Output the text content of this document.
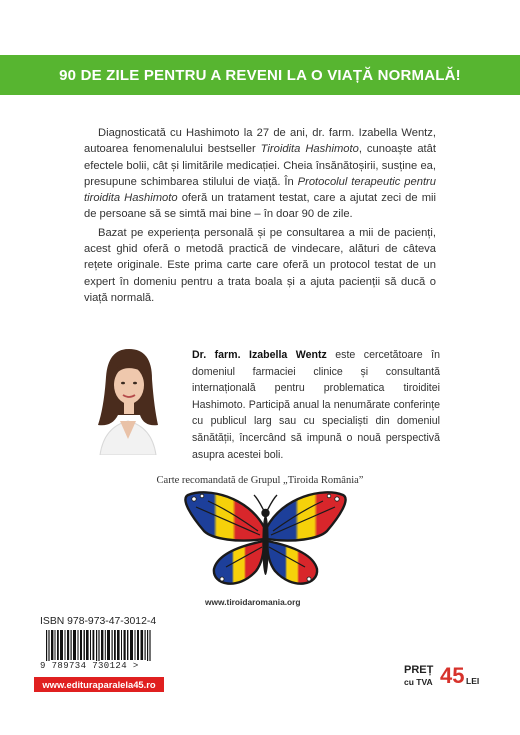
90 DE ZILE PENTRU A REVENI LA O VIAȚĂ NORMALĂ!

Diagnosticată cu Hashimoto la 27 de ani, dr. farm. Izabella Wentz, autoarea fenomenalului bestseller Tiroidita Hashimoto, cunoaște atât efectele bolii, cât și limitările medicației. Cheia însănătoșirii, susține ea, presupune schimbarea stilului de viață. În Protocolul terapeutic pentru tiroidita Hashimoto oferă un tratament testat, care a ajutat zeci de mii de persoane să se simtă mai bine – în doar 90 de zile.

Bazat pe experiența personală și pe consultarea a mii de pacienți, acest ghid oferă o metodă practică de vindecare, alături de câteva rețete originale. Este prima carte care oferă un protocol testat de un expert în domeniu pentru a trata boala și a ajuta pacienții să ducă o viață normală.

Dr. farm. Izabella Wentz este cercetătoare în domeniul farmaciei clinice și consultantă internațională pentru problematica tiroiditei Hashimoto. Participă anual la nenumărate conferințe cu publicul larg sau cu specialiști din domeniul sănătății, încercând să impună o nouă perspectivă asupra acestei boli.
Carte recomandată de Grupul „Tiroida România”
www.tiroidaromania.org
ISBN 978-973-47-3012-4
9 789734 730124 >
www.edituraparalela45.ro
PREȚ
cu TVA 45 LEI
